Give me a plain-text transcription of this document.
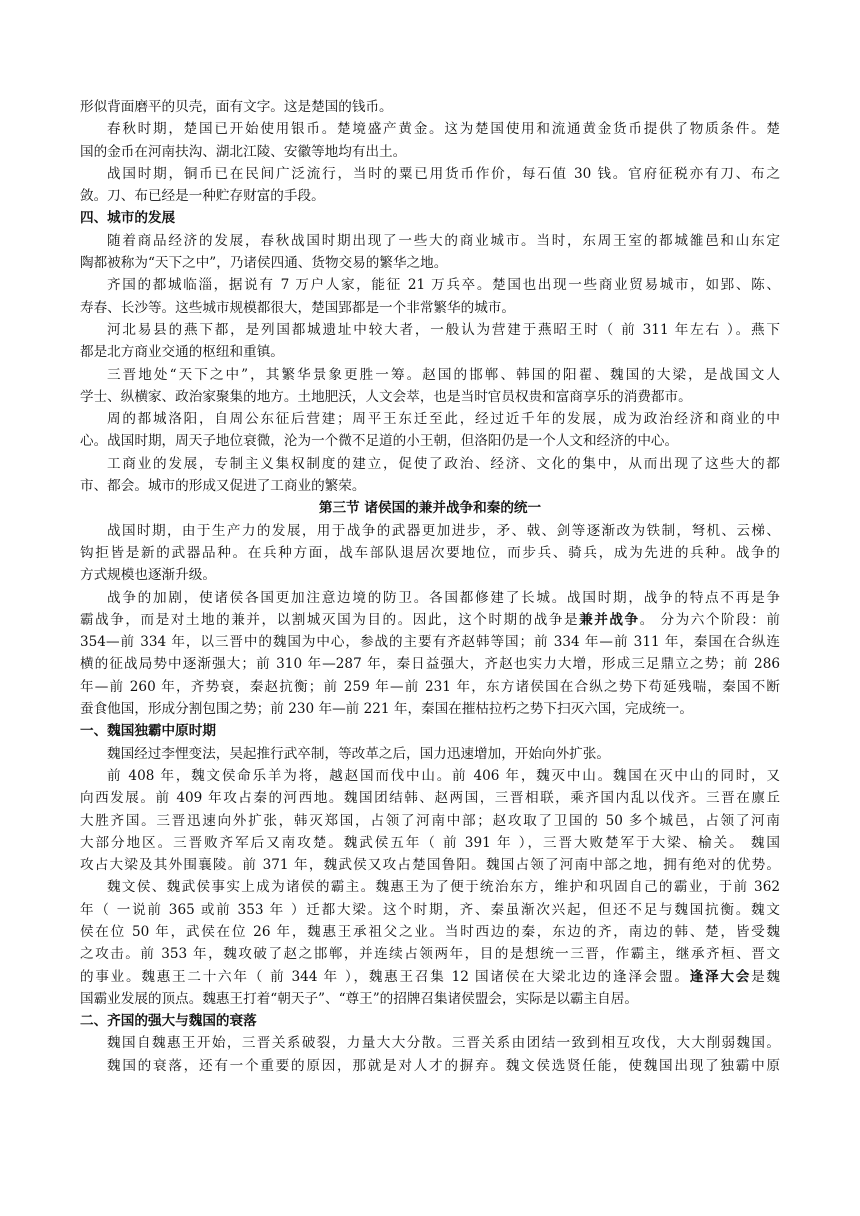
形似背面磨平的贝壳，面有文字。这是楚国的钱币。
春秋时期，楚国已开始使用银币。楚境盛产黄金。这为楚国使用和流通黄金货币提供了物质条件。楚
国的金币在河南扶沟、湖北江陵、安徽等地均有出土。
战国时期，铜币已在民间广泛流行，当时的粟已用货币作价，每石值 30 钱。官府征税亦有刀、布之
敛。刀、布已经是一种贮存财富的手段。
四、城市的发展
随着商品经济的发展，春秋战国时期出现了一些大的商业城市。当时，东周王室的都城雒邑和山东定
陶都被称为“天下之中”，乃诸侯四通、货物交易的繁华之地。
齐国的都城临淄，据说有 7 万户人家，能征 21 万兵卒。楚国也出现一些商业贸易城市，如郢、陈、
寿春、长沙等。这些城市规模都很大，楚国郢都是一个非常繁华的城市。
河北易县的燕下都，是列国都城遗址中较大者，一般认为营建于燕昭王时（ 前 311 年左右 ）。燕下
都是北方商业交通的枢纽和重镇。
三晋地处“天下之中”，其繁华景象更胜一筹。赵国的邯郸、韩国的阳翟、魏国的大梁，是战国文人
学士、纵横家、政治家聚集的地方。土地肥沃，人文会萃，也是当时官员权贵和富商享乐的消费都市。
周的都城洛阳，自周公东征后营建；周平王东迁至此，经过近千年的发展，成为政治经济和商业的中
心。战国时期，周天子地位衰微，沦为一个微不足道的小王朝，但洛阳仍是一个人文和经济的中心。
工商业的发展，专制主义集权制度的建立，促使了政治、经济、文化的集中，从而出现了这些大的都
市、都会。城市的形成又促进了工商业的繁荣。
第三节 诸侯国的兼并战争和秦的统一
战国时期，由于生产力的发展，用于战争的武器更加进步，矛、戟、剑等逐渐改为铁制，弩机、云梯、
钩拒皆是新的武器品种。在兵种方面，战车部队退居次要地位，而步兵、骑兵，成为先进的兵种。战争的
方式规模也逐渐升级。
战争的加剧，使诸侯各国更加注意边境的防卫。各国都修建了长城。战国时期，战争的特点不再是争
霸战争，而是对土地的兼并，以割城灭国为目的。因此，这个时期的战争是兼并战争。 分为六个阶段：前
354—前 334 年，以三晋中的魏国为中心，参战的主要有齐赵韩等国；前 334 年—前 311 年，秦国在合纵连
横的征战局势中逐渐强大；前 310 年—287 年，秦日益强大，齐赵也实力大增，形成三足鼎立之势；前 286
年—前 260 年，齐势衰，秦赵抗衡；前 259 年—前 231 年，东方诸侯国在合纵之势下苟延残喘，秦国不断
蚕食他国，形成分割包围之势；前 230 年—前 221 年，秦国在摧枯拉朽之势下扫灭六国，完成统一。
一、魏国独霸中原时期
魏国经过李悝变法，吴起推行武卒制，等改革之后，国力迅速增加，开始向外扩张。
前 408 年，魏文侯命乐羊为将，越赵国而伐中山。前 406 年，魏灭中山。魏国在灭中山的同时，又
向西发展。前 409 年攻占秦的河西地。魏国团结韩、赵两国，三晋相联，乘齐国内乱以伐齐。三晋在廪丘
大胜齐国。三晋迅速向外扩张，韩灭郑国，占领了河南中部；赵攻取了卫国的 50 多个城邑，占领了河南
大部分地区。三晋败齐军后又南攻楚。魏武侯五年（ 前 391 年 ），三晋大败楚军于大梁、榆关。 魏国
攻占大梁及其外围襄陵。前 371 年，魏武侯又攻占楚国鲁阳。魏国占领了河南中部之地，拥有绝对的优势。
魏文侯、魏武侯事实上成为诸侯的霸主。魏惠王为了便于统治东方，维护和巩固自己的霸业，于前 362
年（ 一说前 365 或前 353 年 ）迁都大梁。这个时期，齐、秦虽渐次兴起，但还不足与魏国抗衡。魏文
侯在位 50 年，武侯在位 26 年，魏惠王承祖父之业。当时西边的秦，东边的齐，南边的韩、楚，皆受魏
之攻击。前 353 年，魏攻破了赵之邯郸，并连续占领两年，目的是想统一三晋，作霸主，继承齐桓、晋文
的事业。魏惠王二十六年（ 前 344 年 ），魏惠王召集 12 国诸侯在大梁北边的逢泽会盟。逢泽大会是魏
国霸业发展的顶点。魏惠王打着“朝天子”、“尊王”的招牌召集诸侯盟会，实际是以霸主自居。
二、齐国的强大与魏国的衰落
魏国自魏惠王开始，三晋关系破裂，力量大大分散。三晋关系由团结一致到相互攻伐，大大削弱魏国。
魏国的衰落，还有一个重要的原因，那就是对人才的摒弃。魏文侯选贤任能，使魏国出现了独霸中原
